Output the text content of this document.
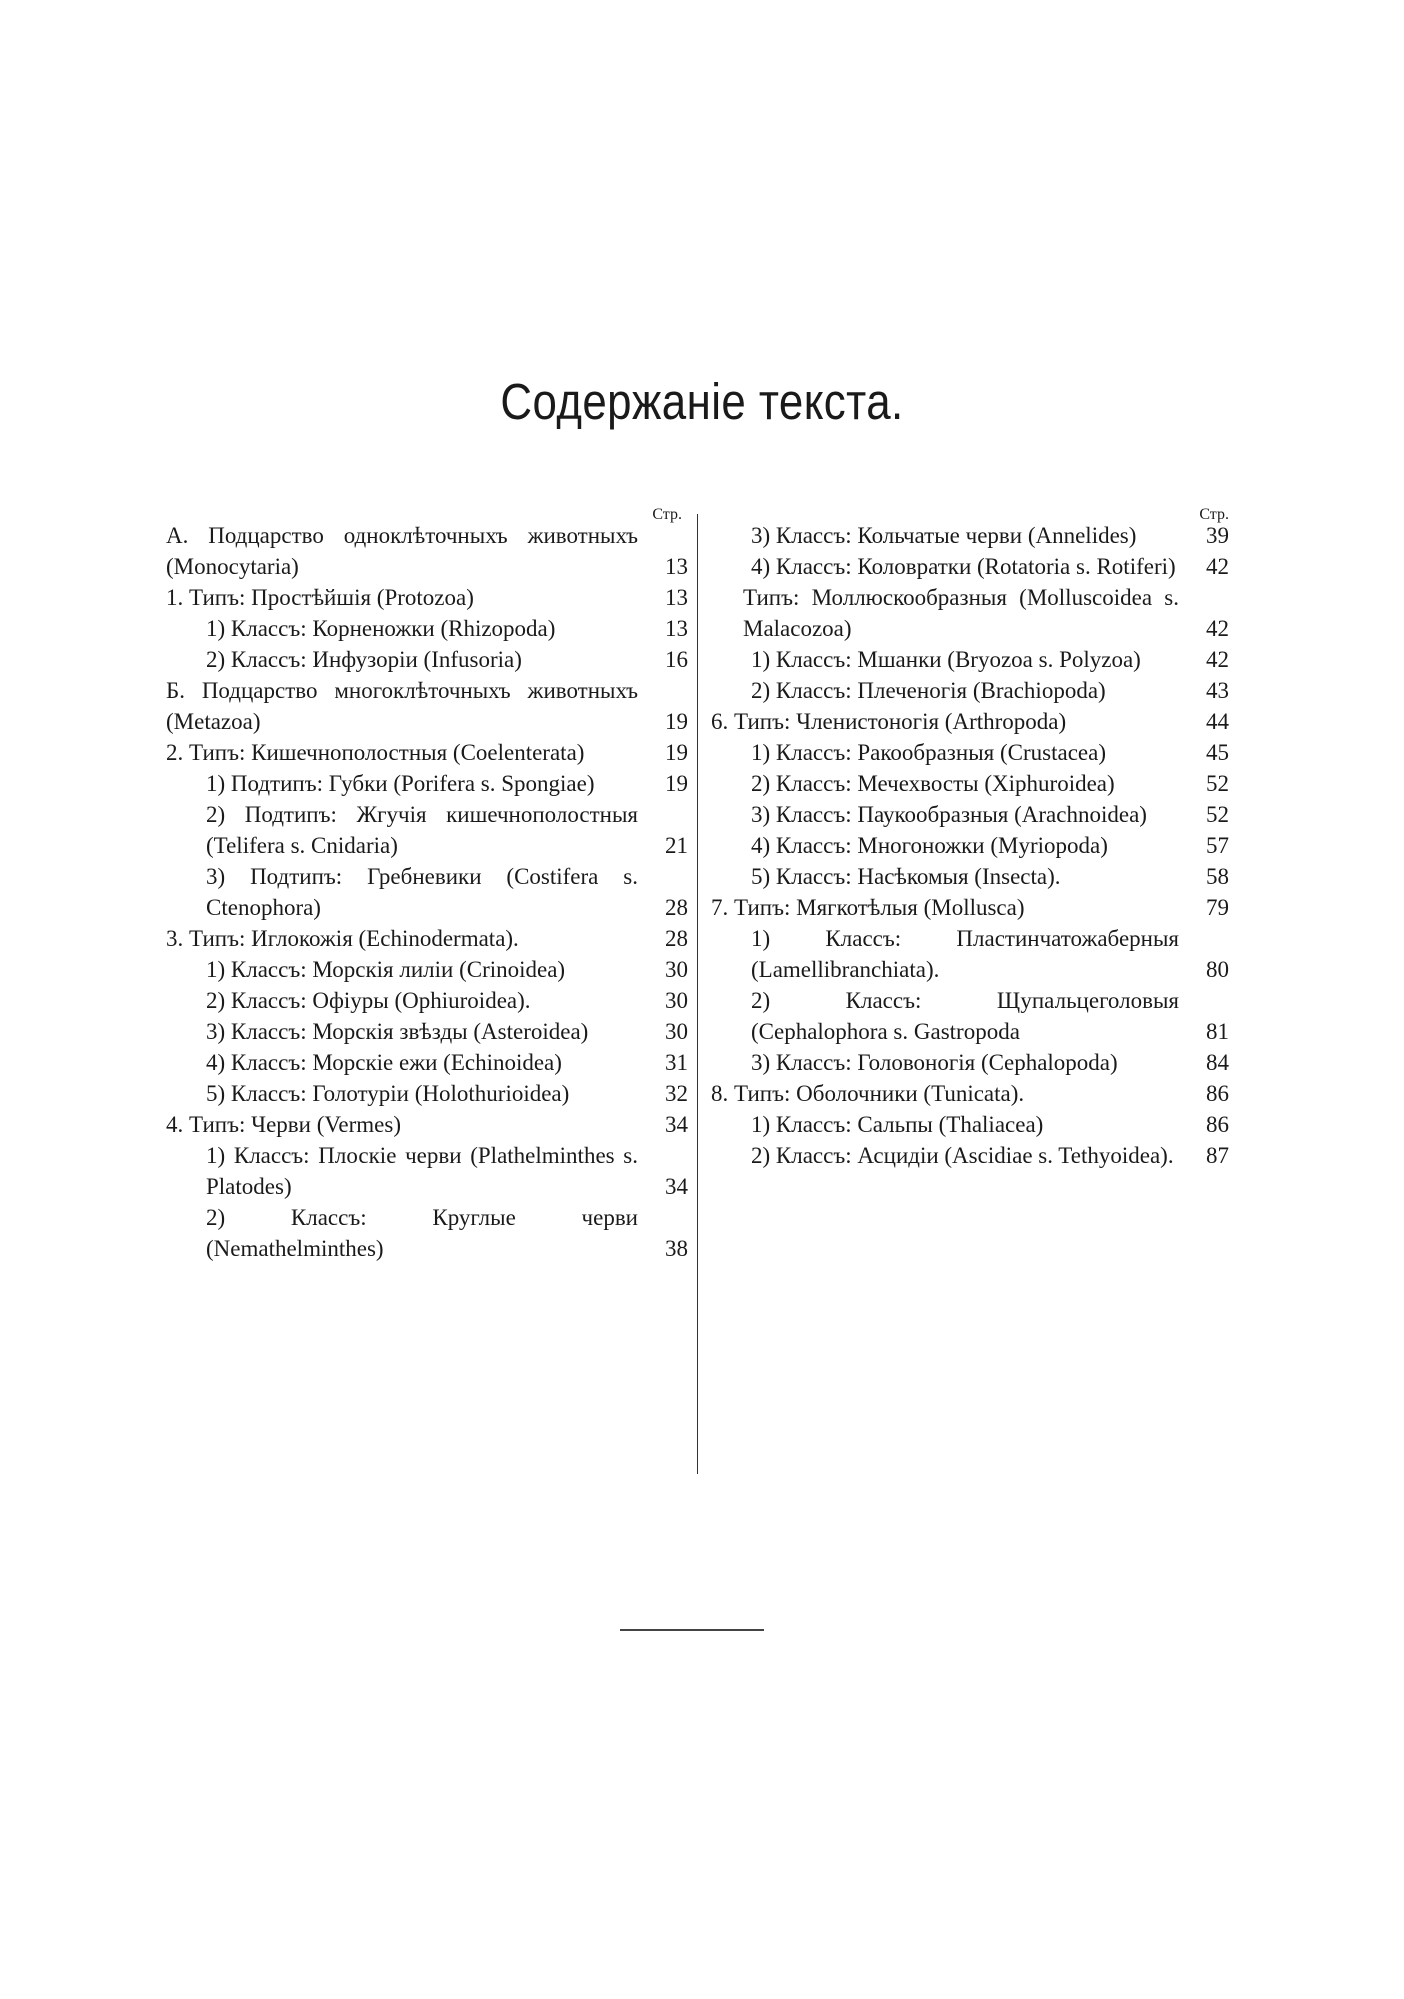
Содержаніе текста.
Стр.
А. Подцарство одноклѣточныхъ животныхъ (Monocytaria)	13
1. Типъ: Простѣйшія (Protozoa)	13
1) Классъ: Корненожки (Rhizopoda)	13
2) Классъ: Инфузоріи (Infusoria)	16
Б. Подцарство многоклѣточныхъ животныхъ (Metazoa)	19
2. Типъ: Кишечнополостныя (Coelenterata)	19
1) Подтипъ: Губки (Porifera s. Spongiae)	19
2) Подтипъ: Жгучія кишечнополостныя (Telifera s. Cnidaria)	21
3) Подтипъ: Гребневики (Costifera s. Ctenophora)	28
3. Типъ: Иглокожія (Echinodermata).	28
1) Классъ: Морскія лиліи (Crinoidea)	30
2) Классъ: Офіуры (Ophiuroidea).	30
3) Классъ: Морскія звѣзды (Asteroidea)	30
4) Классъ: Морскіе ежи (Echinoidea)	31
5) Классъ: Голотуріи (Holothurioidea)	32
4. Типъ: Черви (Vermes)	34
1) Классъ: Плоскіе черви (Plathelminthes s. Platodes)	34
2) Классъ: Круглые черви (Nemathelminthes)	38
Стр.
3) Классъ: Кольчатые черви (Annelides)	39
4) Классъ: Коловратки (Rotatoria s. Rotiferi)	42
Типъ: Моллюскообразныя (Molluscoidea s. Malacozoa)	42
1) Классъ: Мшанки (Bryozoa s. Polyzoa)	42
2) Классъ: Плеченогія (Brachiopoda)	43
6. Типъ: Членистоногія (Arthropoda)	44
1) Классъ: Ракообразныя (Crustacea)	45
2) Классъ: Мечехвосты (Xiphuroidea)	52
3) Классъ: Паукообразныя (Arachnoidea)	52
4) Классъ: Многоножки (Myriopoda)	57
5) Классъ: Насѣкомыя (Insecta).	58
7. Типъ: Мягкотѣлыя (Mollusca)	79
1) Классъ: Пластинчатожаберныя (Lamellibranchiata).	80
2) Классъ: Щупальцеголовыя (Cephalophora s. Gastropoda	81
3) Классъ: Головоногія (Cephalopoda)	84
8. Типъ: Оболочники (Tunicata).	86
1) Классъ: Сальпы (Thaliacea)	86
2) Классъ: Асцидіи (Ascidiae s. Tethyoidea).	87
